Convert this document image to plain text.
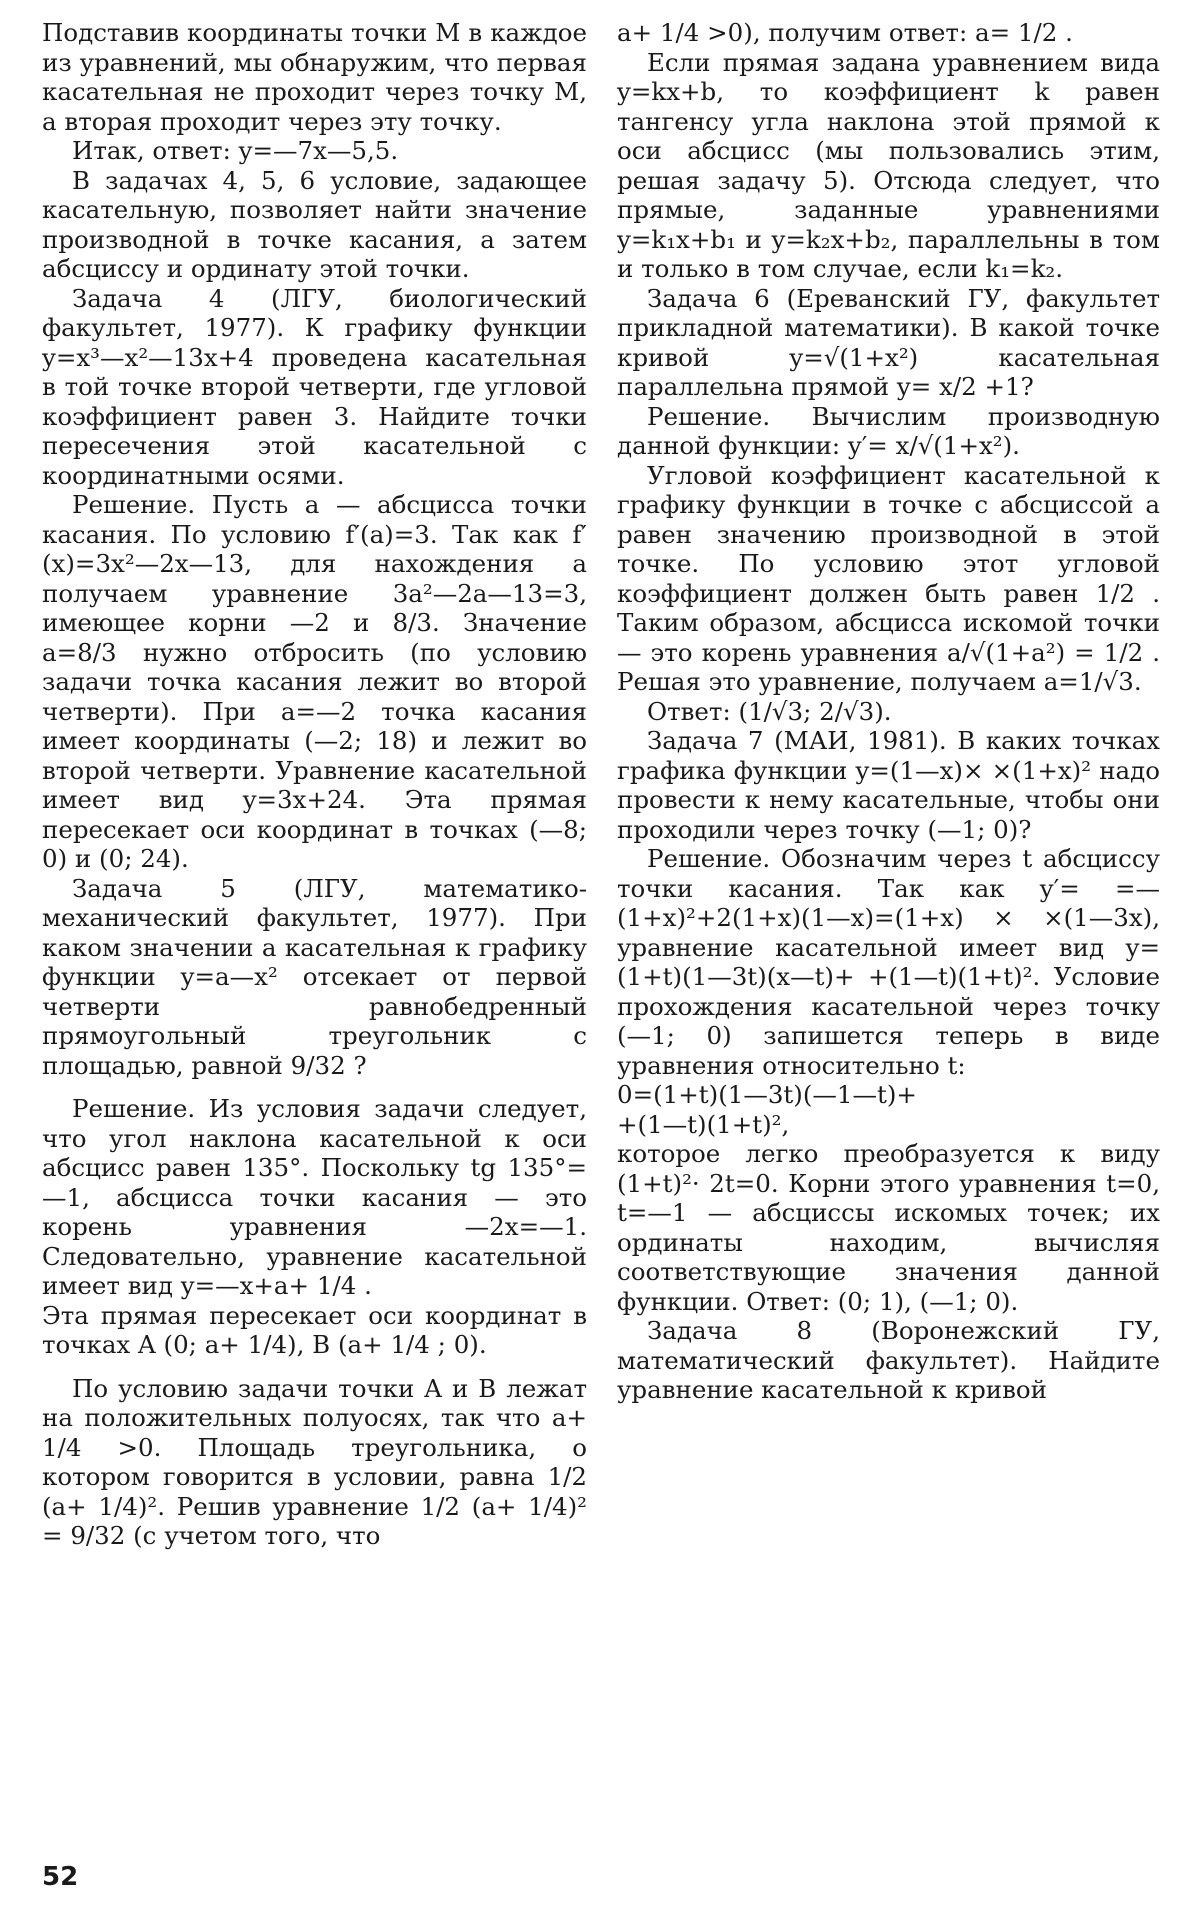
Подставив координаты точки M в каждое из уравнений, мы обнаружим, что первая касательная не проходит через точку M, а вторая проходит через эту точку.

Итак, ответ: y=—7x—5,5.

В задачах 4, 5, 6 условие, задающее касательную, позволяет найти значение производной в точке касания, а затем абсциссу и ординату этой точки.

Задача 4 (ЛГУ, биологический факультет, 1977). К графику функции y=x³—x²—13x+4 проведена касательная в той точке второй четверти, где угловой коэффициент равен 3. Найдите точки пересечения этой касательной с координатными осями.

Решение. Пусть a — абсцисса точки касания. По условию f′(a)=3. Так как f′(x)=3x²—2x—13, для нахождения a получаем уравнение 3a²—2a—13=3, имеющее корни —2 и 8/3. Значение a=8/3 нужно отбросить (по условию задачи точка касания лежит во второй четверти). При a=—2 точка касания имеет координаты (—2; 18) и лежит во второй четверти. Уравнение касательной имеет вид y=3x+24. Эта прямая пересекает оси координат в точках (—8; 0) и (0; 24).

Задача 5 (ЛГУ, математико-механический факультет, 1977). При каком значении a касательная к графику функции y=a—x² отсекает от первой четверти равнобедренный прямоугольный треугольник с площадью, равной 9/32 ?

Решение. Из условия задачи следует, что угол наклона касательной к оси абсцисс равен 135°. Поскольку tg 135°=—1, абсцисса точки касания — это корень уравнения —2x=—1. Следовательно, уравнение касательной имеет вид y=—x+a+ 1/4 .

Эта прямая пересекает оси координат в точках A (0; a+ 1/4), B (a+ 1/4 ; 0).

По условию задачи точки A и B лежат на положительных полуосях, так что a+ 1/4 >0. Площадь треугольника, о котором говорится в условии, равна 1/2 (a+ 1/4)². Решив уравнение 1/2 (a+ 1/4)² = 9/32 (с учетом того, что

a+ 1/4 >0), получим ответ: a= 1/2 .

Если прямая задана уравнением вида y=kx+b, то коэффициент k равен тангенсу угла наклона этой прямой к оси абсцисс (мы пользовались этим, решая задачу 5). Отсюда следует, что прямые, заданные уравнениями y=k₁x+b₁ и y=k₂x+b₂, параллельны в том и только в том случае, если k₁=k₂.

Задача 6 (Ереванский ГУ, факультет прикладной математики). В какой точке кривой y=√(1+x²) касательная параллельна прямой y= x/2 +1?

Решение. Вычислим производную данной функции: y′= x/√(1+x²).

Угловой коэффициент касательной к графику функции в точке с абсциссой a равен значению производной в этой точке. По условию этот угловой коэффициент должен быть равен 1/2 . Таким образом, абсцисса искомой точки — это корень уравнения a/√(1+a²) = 1/2 . Решая это уравнение, получаем a=1/√3.

Ответ: (1/√3; 2/√3).

Задача 7 (МАИ, 1981). В каких точках графика функции y=(1—x)× ×(1+x)² надо провести к нему касательные, чтобы они проходили через точку (—1; 0)?

Решение. Обозначим через t абсциссу точки касания. Так как y′= =—(1+x)²+2(1+x)(1—x)=(1+x) × ×(1—3x), уравнение касательной имеет вид y=(1+t)(1—3t)(x—t)+ +(1—t)(1+t)². Условие прохождения касательной через точку (—1; 0) запишется теперь в виде уравнения относительно t:

0=(1+t)(1—3t)(—1—t)+

+(1—t)(1+t)²,

которое легко преобразуется к виду (1+t)²· 2t=0. Корни этого уравнения t=0, t=—1 — абсциссы искомых точек; их ординаты находим, вычисляя соответствующие значения данной функции. Ответ: (0; 1), (—1; 0).

Задача 8 (Воронежский ГУ, математический факультет). Найдите уравнение касательной к кривой

52
